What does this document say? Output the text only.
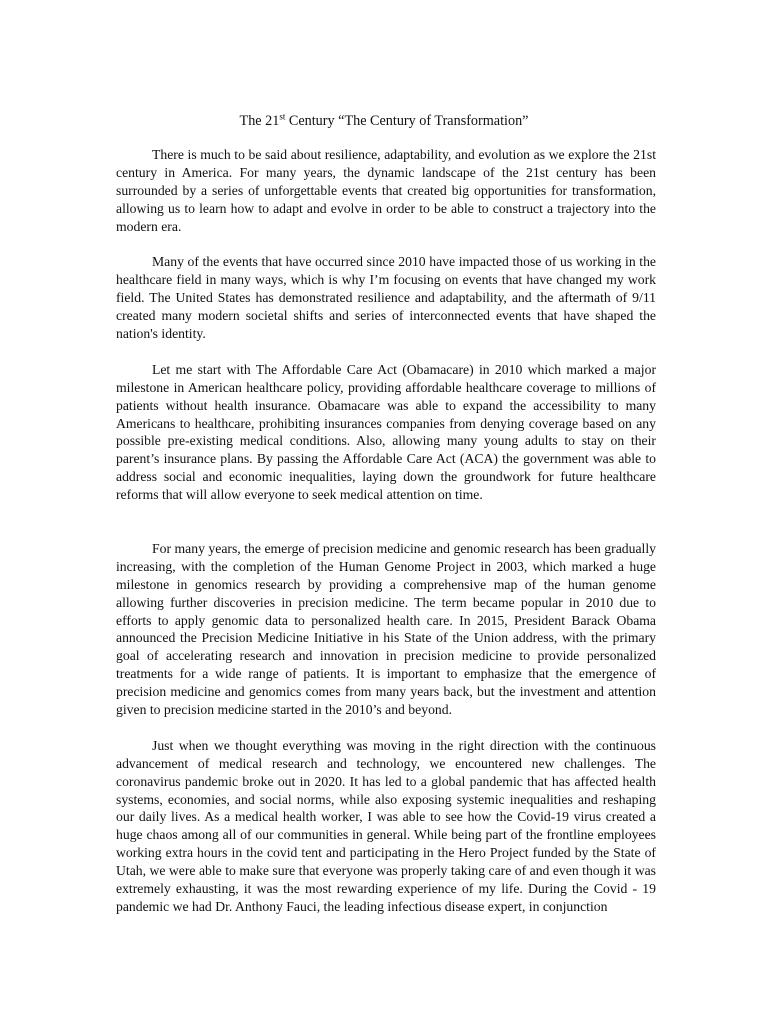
The 21st Century “The Century of Transformation”

There is much to be said about resilience, adaptability, and evolution as we explore the 21st century in America. For many years, the dynamic landscape of the 21st century has been surrounded by a series of unforgettable events that created big opportunities for transformation, allowing us to learn how to adapt and evolve in order to be able to construct a trajectory into the modern era.

Many of the events that have occurred since 2010 have impacted those of us working in the healthcare field in many ways, which is why I’m focusing on events that have changed my work field. The United States has demonstrated resilience and adaptability, and the aftermath of 9/11 created many modern societal shifts and series of interconnected events that have shaped the nation's identity.

Let me start with The Affordable Care Act (Obamacare) in 2010 which marked a major milestone in American healthcare policy, providing affordable healthcare coverage to millions of patients without health insurance. Obamacare was able to expand the accessibility to many Americans to healthcare, prohibiting insurances companies from denying coverage based on any possible pre-existing medical conditions. Also, allowing many young adults to stay on their parent’s insurance plans. By passing the Affordable Care Act (ACA) the government was able to address social and economic inequalities, laying down the groundwork for future healthcare reforms that will allow everyone to seek medical attention on time.

For many years, the emerge of precision medicine and genomic research has been gradually increasing, with the completion of the Human Genome Project in 2003, which marked a huge milestone in genomics research by providing a comprehensive map of the human genome allowing further discoveries in precision medicine. The term became popular in 2010 due to efforts to apply genomic data to personalized health care. In 2015, President Barack Obama announced the Precision Medicine Initiative in his State of the Union address, with the primary goal of accelerating research and innovation in precision medicine to provide personalized treatments for a wide range of patients. It is important to emphasize that the emergence of precision medicine and genomics comes from many years back, but the investment and attention given to precision medicine started in the 2010’s and beyond.

Just when we thought everything was moving in the right direction with the continuous advancement of medical research and technology, we encountered new challenges. The coronavirus pandemic broke out in 2020. It has led to a global pandemic that has affected health systems, economies, and social norms, while also exposing systemic inequalities and reshaping our daily lives. As a medical health worker, I was able to see how the Covid-19 virus created a huge chaos among all of our communities in general. While being part of the frontline employees working extra hours in the covid tent and participating in the Hero Project funded by the State of Utah, we were able to make sure that everyone was properly taking care of and even though it was extremely exhausting, it was the most rewarding experience of my life. During the Covid - 19 pandemic we had Dr. Anthony Fauci, the leading infectious disease expert, in conjunction
